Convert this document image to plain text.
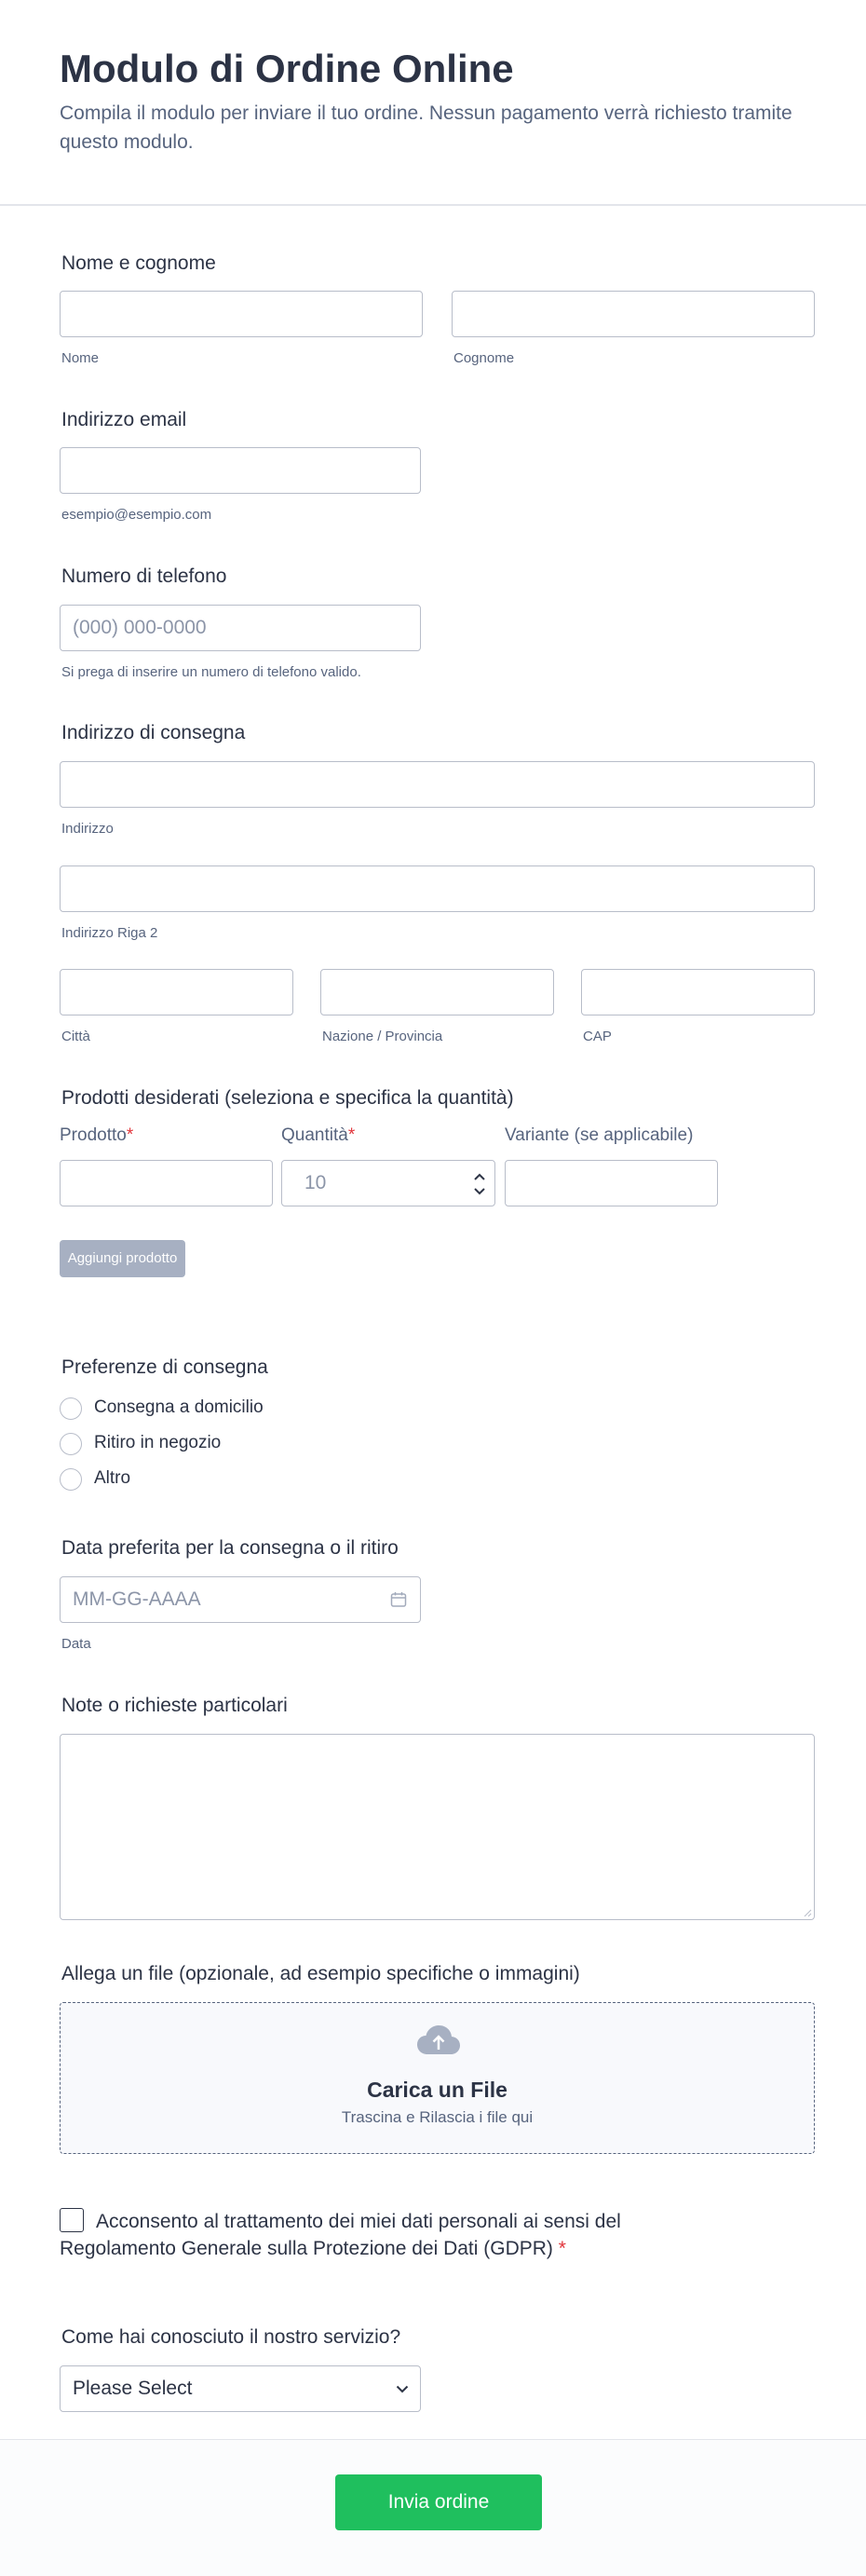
Modulo di Ordine Online
Compila il modulo per inviare il tuo ordine. Nessun pagamento verrà richiesto tramite questo modulo.
Nome e cognome
Nome	Cognome
Indirizzo email
esempio@esempio.com
Numero di telefono
(000) 000-0000
Si prega di inserire un numero di telefono valido.
Indirizzo di consegna
Indirizzo
Indirizzo Riga 2
Città	Nazione / Provincia	CAP
Prodotti desiderati (seleziona e specifica la quantità)
Prodotto*	Quantità*	Variante (se applicabile)
10
Aggiungi prodotto
Preferenze di consegna
Consegna a domicilio
Ritiro in negozio
Altro
Data preferita per la consegna o il ritiro
MM-GG-AAAA
Data
Note o richieste particolari
Allega un file (opzionale, ad esempio specifiche o immagini)
Carica un File
Trascina e Rilascia i file qui
Acconsento al trattamento dei miei dati personali ai sensi del Regolamento Generale sulla Protezione dei Dati (GDPR) *
Come hai conosciuto il nostro servizio?
Please Select
Invia ordine
